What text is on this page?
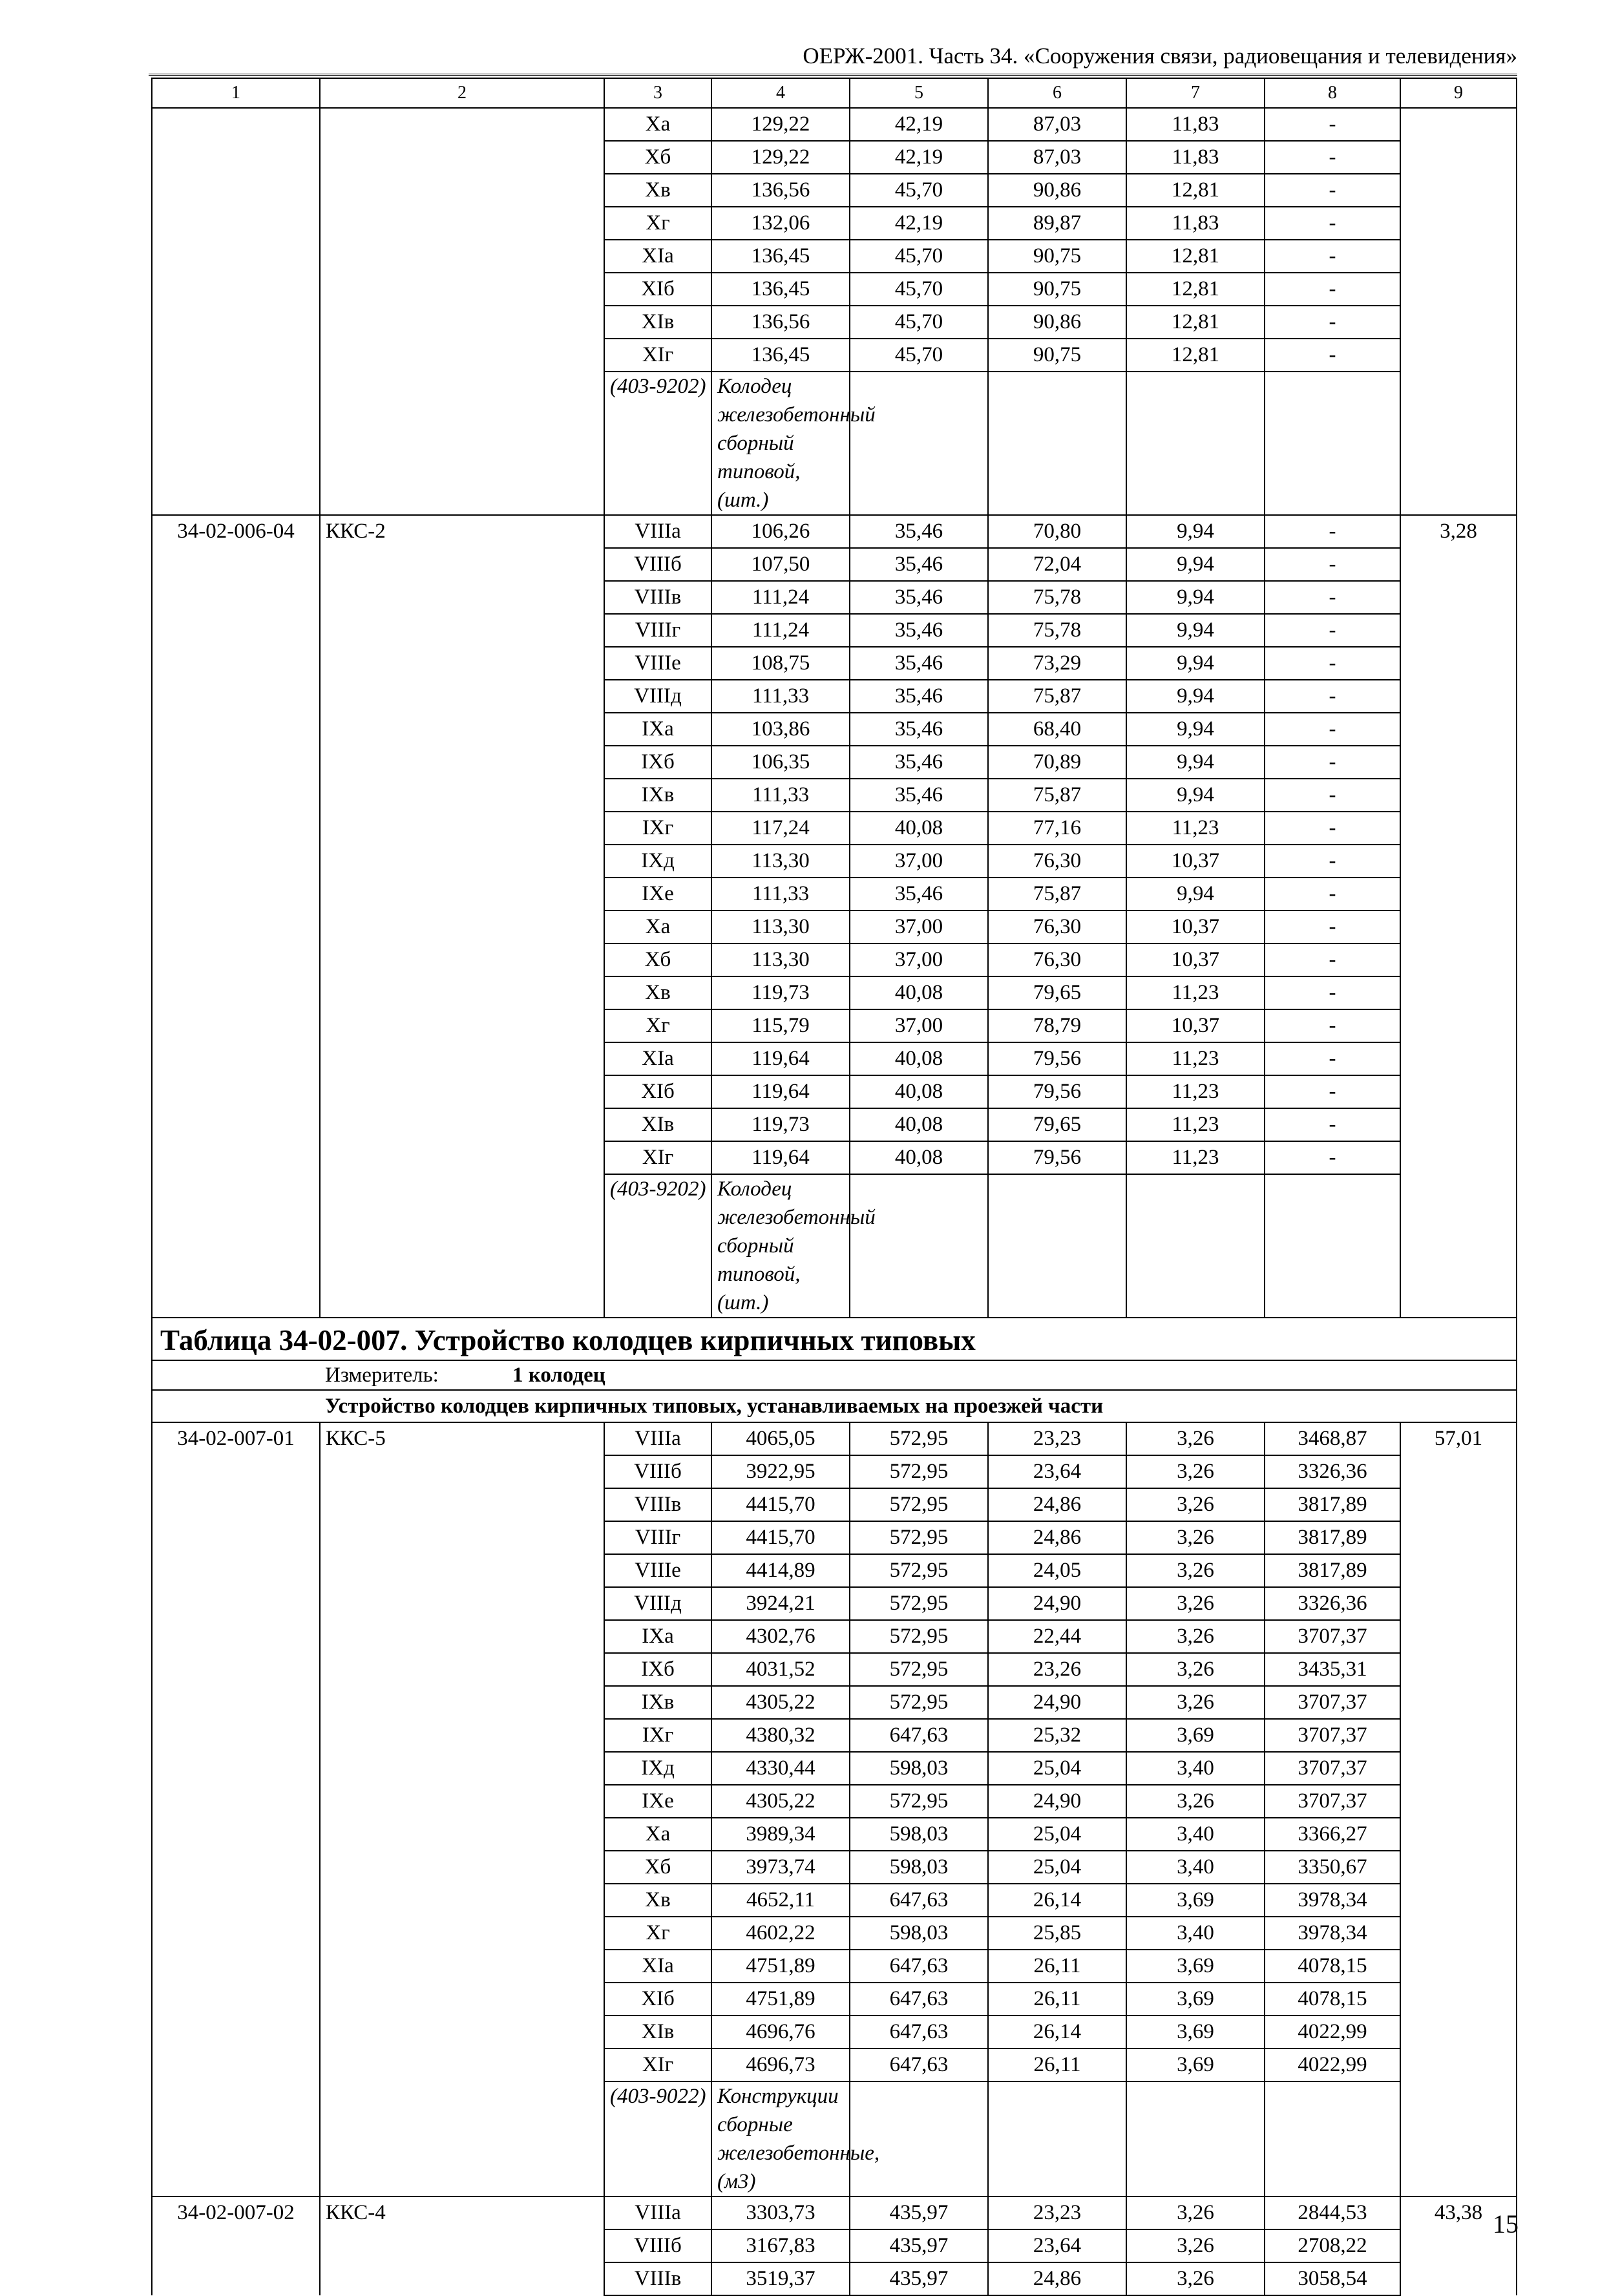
ОЕРЖ-2001. Часть 34. «Сооружения связи, радиовещания и телевидения»
1	2	3	4	5	6	7	8	9	
		Ха	129,22	42,19	87,03	11,83	-		
		Хб	129,22	42,19	87,03	11,83	-		
		Хв	136,56	45,70	90,86	12,81	-		
		Хг	132,06	42,19	89,87	11,83	-		
		ХIа	136,45	45,70	90,75	12,81	-		
		ХIб	136,45	45,70	90,75	12,81	-		
		ХIв	136,56	45,70	90,86	12,81	-		
		ХIг	136,45	45,70	90,75	12,81	-		
		(403-9202)	Колодец железобетонный сборный типовой, (шт.)						
34-02-006-04	ККС-2	VIIIа	106,26	35,46	70,80	9,94	-	3,28	
		VIIIб	107,50	35,46	72,04	9,94	-		
		VIIIв	111,24	35,46	75,78	9,94	-		
		VIIIг	111,24	35,46	75,78	9,94	-		
		VIIIе	108,75	35,46	73,29	9,94	-		
		VIIIд	111,33	35,46	75,87	9,94	-		
		IХа	103,86	35,46	68,40	9,94	-		
		IХб	106,35	35,46	70,89	9,94	-		
		IХв	111,33	35,46	75,87	9,94	-		
		IХг	117,24	40,08	77,16	11,23	-		
		IХд	113,30	37,00	76,30	10,37	-		
		IХе	111,33	35,46	75,87	9,94	-		
		Ха	113,30	37,00	76,30	10,37	-		
		Хб	113,30	37,00	76,30	10,37	-		
		Хв	119,73	40,08	79,65	11,23	-		
		Хг	115,79	37,00	78,79	10,37	-		
		ХIа	119,64	40,08	79,56	11,23	-		
		ХIб	119,64	40,08	79,56	11,23	-		
		ХIв	119,73	40,08	79,65	11,23	-		
		ХIг	119,64	40,08	79,56	11,23	-		
		(403-9202)	Колодец железобетонный сборный типовой, (шт.)						
Таблица 34-02-007. Устройство колодцев кирпичных типовых									
	Измеритель: 1 колодец								
	Устройство колодцев кирпичных типовых, устанавливаемых на проезжей части								
34-02-007-01	ККС-5	VIIIа	4065,05	572,95	23,23	3,26	3468,87	57,01	
		VIIIб	3922,95	572,95	23,64	3,26	3326,36		
		VIIIв	4415,70	572,95	24,86	3,26	3817,89		
		VIIIг	4415,70	572,95	24,86	3,26	3817,89		
		VIIIе	4414,89	572,95	24,05	3,26	3817,89		
		VIIIд	3924,21	572,95	24,90	3,26	3326,36		
		IХа	4302,76	572,95	22,44	3,26	3707,37		
		IХб	4031,52	572,95	23,26	3,26	3435,31		
		IХв	4305,22	572,95	24,90	3,26	3707,37		
		IХг	4380,32	647,63	25,32	3,69	3707,37		
		IХд	4330,44	598,03	25,04	3,40	3707,37		
		IХе	4305,22	572,95	24,90	3,26	3707,37		
		Ха	3989,34	598,03	25,04	3,40	3366,27		
		Хб	3973,74	598,03	25,04	3,40	3350,67		
		Хв	4652,11	647,63	26,14	3,69	3978,34		
		Хг	4602,22	598,03	25,85	3,40	3978,34		
		ХIа	4751,89	647,63	26,11	3,69	4078,15		
		ХIб	4751,89	647,63	26,11	3,69	4078,15		
		ХIв	4696,76	647,63	26,14	3,69	4022,99		
		ХIг	4696,73	647,63	26,11	3,69	4022,99		
		(403-9022)	Конструкции сборные железобетонные, (м3)						
34-02-007-02	ККС-4	VIIIа	3303,73	435,97	23,23	3,26	2844,53	43,38	
		VIIIб	3167,83	435,97	23,64	3,26	2708,22		
		VIIIв	3519,37	435,97	24,86	3,26	3058,54		
15
